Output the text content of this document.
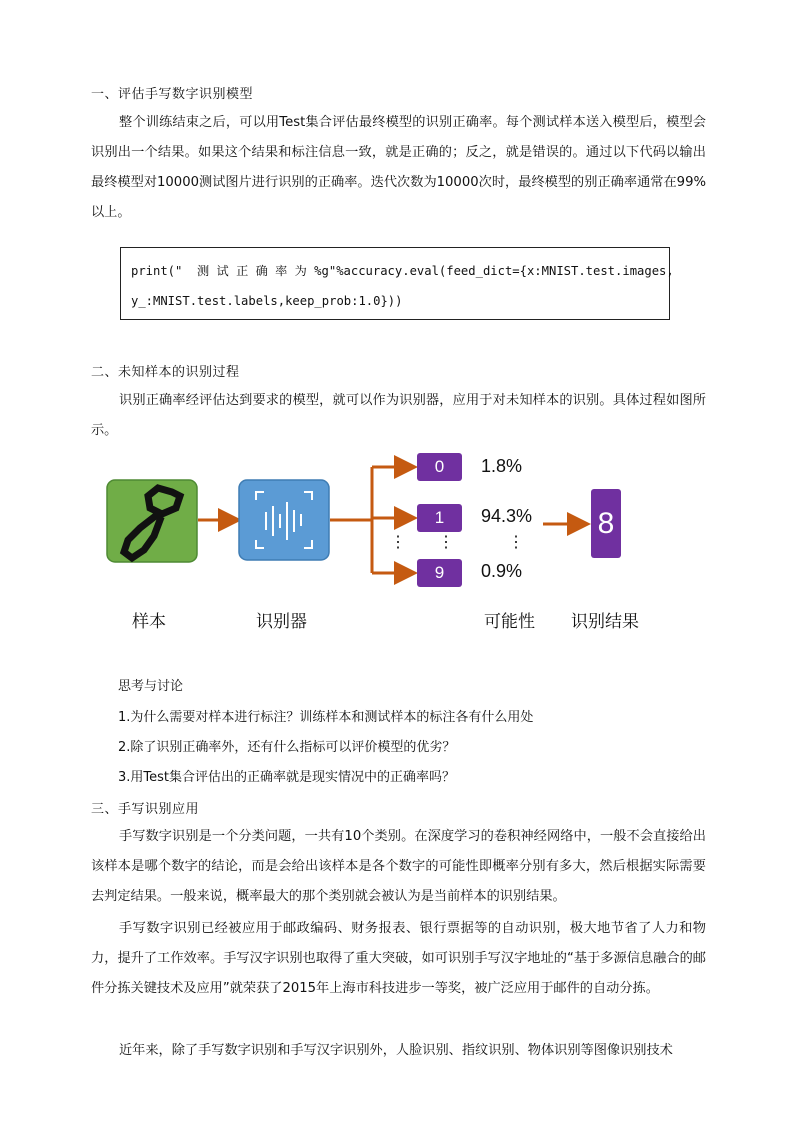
一、评估手写数字识别模型

整个训练结束之后，可以用Test集合评估最终模型的识别正确率。每个测试样本送入模型后，模型会识别出一个结果。如果这个结果和标注信息一致，就是正确的；反之，就是错误的。通过以下代码以输出最终模型对10000测试图片进行识别的正确率。迭代次数为10000次时，最终模型的别正确率通常在99%以上。

print("  测 试 正 确 率 为 %g"%accuracy.eval(feed_dict={x:MNIST.test.images,
y_:MNIST.test.labels,keep_prob:1.0}))
二、未知样本的识别过程

识别正确率经评估达到要求的模型，就可以作为识别器，应用于对未知样本的识别。具体过程如图所示。

0
1
9
1.8%
94.3%
0.9%
⋮ ⋮	⋮
8
样本	识别器	可能性 识别结果
思考与讨论
1.为什么需要对样本进行标注？训练样本和测试样本的标注各有什么用处
2.除了识别正确率外，还有什么指标可以评价模型的优劣？
3.用Test集合评估出的正确率就是现实情况中的正确率吗？
三、手写识别应用

手写数字识别是一个分类问题，一共有10个类别。在深度学习的卷积神经网络中，一般不会直接给出该样本是哪个数字的结论，而是会给出该样本是各个数字的可能性即概率分别有多大，然后根据实际需要去判定结果。一般来说，概率最大的那个类别就会被认为是当前样本的识别结果。

手写数字识别已经被应用于邮政编码、财务报表、银行票据等的自动识别，极大地节省了人力和物力，提升了工作效率。手写汉字识别也取得了重大突破，如可识别手写汉字地址的“基于多源信息融合的邮件分拣关键技术及应用”就荣获了2015年上海市科技进步一等奖，被广泛应用于邮件的自动分拣。

近年来，除了手写数字识别和手写汉字识别外，人脸识别、指纹识别、物体识别等图像识别技术
